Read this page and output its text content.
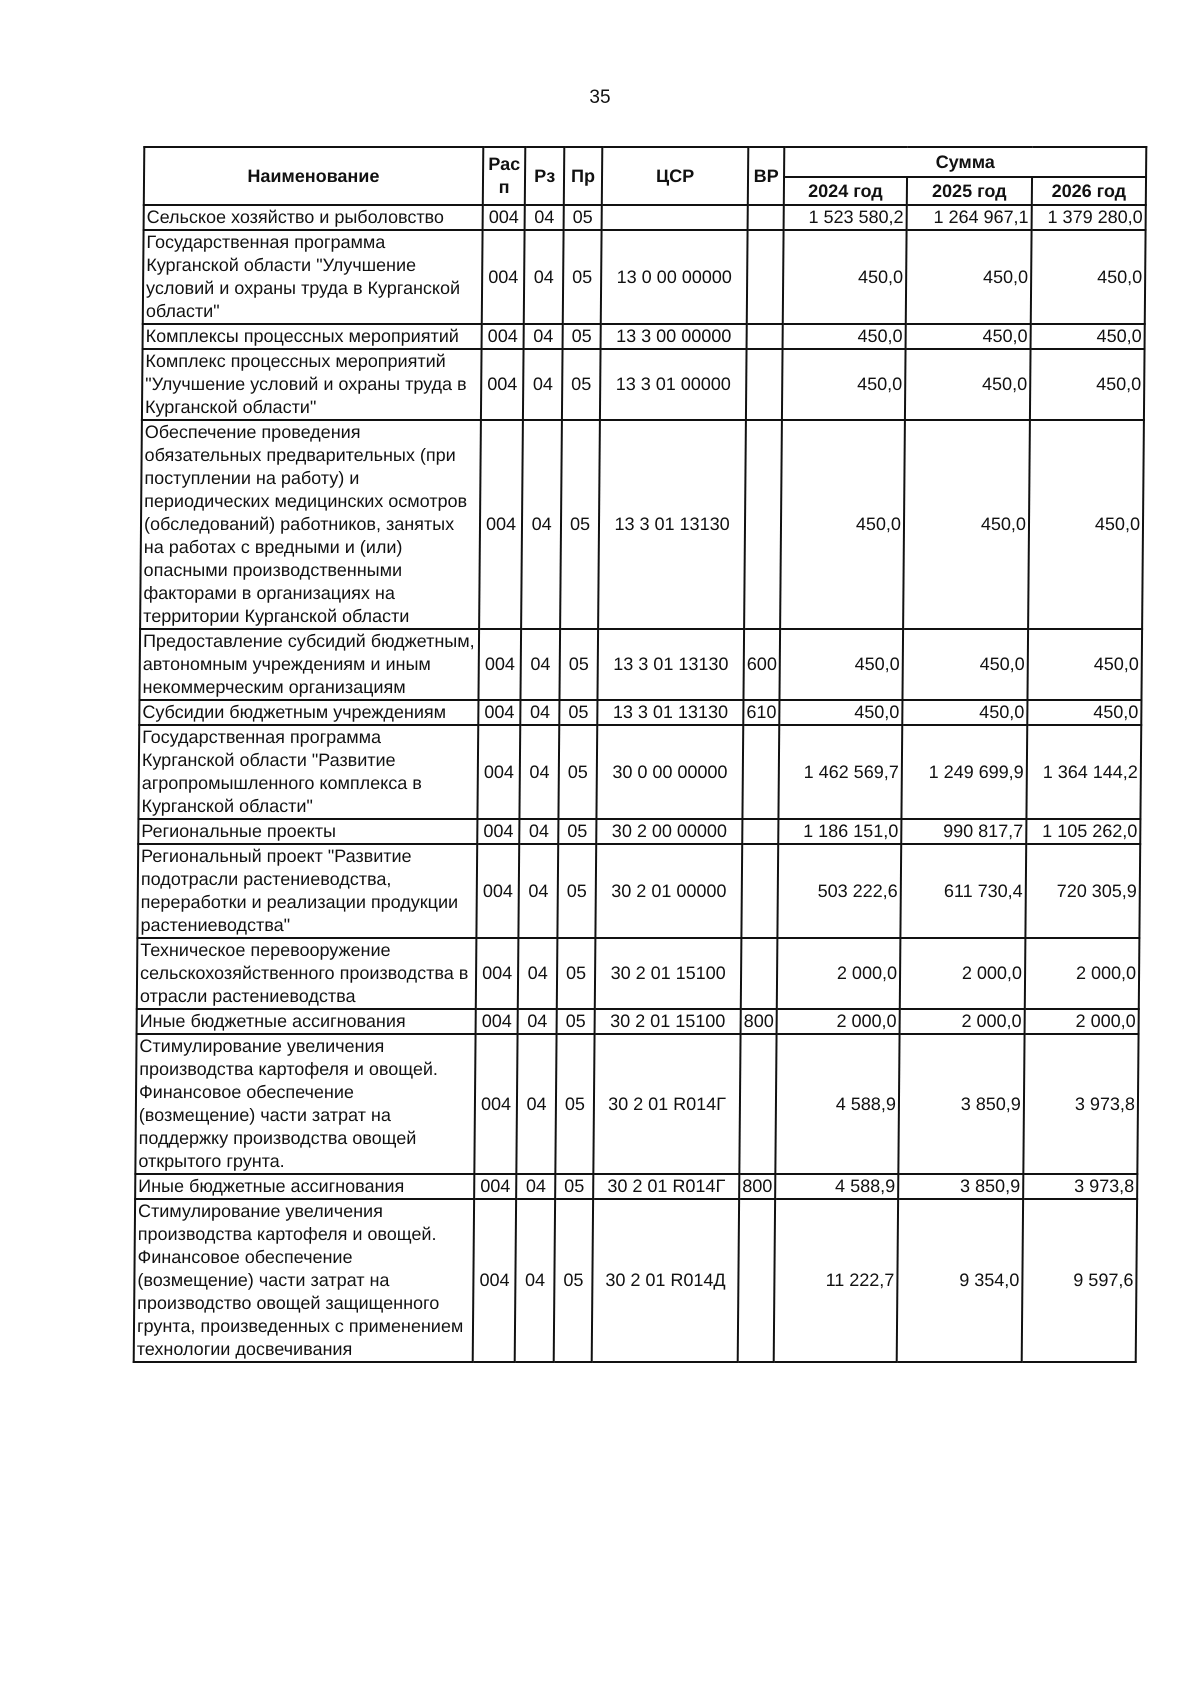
35
Наименование	Рас
п	Рз	Пр	ЦСР	ВР	Сумма		
						2024 год	2025 год	2026 год
Сельское хозяйство и рыболовство	004	04	05			1 523 580,2	1 264 967,1	1 379 280,0
Государственная программа Курганской области "Улучшение условий и охраны труда в Курганской области"	004	04	05	13 0 00 00000		450,0	450,0	450,0
Комплексы процессных мероприятий	004	04	05	13 3 00 00000		450,0	450,0	450,0
Комплекс процессных мероприятий "Улучшение условий и охраны труда в Курганской области"	004	04	05	13 3 01 00000		450,0	450,0	450,0
Обеспечение проведения обязательных предварительных (при поступлении на работу) и периодических медицинских осмотров (обследований) работников, занятых на работах с вредными и (или) опасными производственными факторами в организациях на территории Курганской области	004	04	05	13 3 01 13130		450,0	450,0	450,0
Предоставление субсидий бюджетным, автономным учреждениям и иным некоммерческим организациям	004	04	05	13 3 01 13130	600	450,0	450,0	450,0
Субсидии бюджетным учреждениям	004	04	05	13 3 01 13130	610	450,0	450,0	450,0
Государственная программа Курганской области "Развитие агропромышленного комплекса в Курганской области"	004	04	05	30 0 00 00000		1 462 569,7	1 249 699,9	1 364 144,2
Региональные проекты	004	04	05	30 2 00 00000		1 186 151,0	990 817,7	1 105 262,0
Региональный проект "Развитие подотрасли растениеводства, переработки и реализации продукции растениеводства"	004	04	05	30 2 01 00000		503 222,6	611 730,4	720 305,9
Техническое перевооружение сельскохозяйственного производства в отрасли растениеводства	004	04	05	30 2 01 15100		2 000,0	2 000,0	2 000,0
Иные бюджетные ассигнования	004	04	05	30 2 01 15100	800	2 000,0	2 000,0	2 000,0
Стимулирование увеличения производства картофеля и овощей. Финансовое обеспечение (возмещение) части затрат на поддержку производства овощей открытого грунта.	004	04	05	30 2 01 R014Г		4 588,9	3 850,9	3 973,8
Иные бюджетные ассигнования	004	04	05	30 2 01 R014Г	800	4 588,9	3 850,9	3 973,8
Стимулирование увеличения производства картофеля и овощей. Финансовое обеспечение (возмещение) части затрат на производство овощей защищенного грунта, произведенных с применением технологии досвечивания	004	04	05	30 2 01 R014Д		11 222,7	9 354,0	9 597,6
